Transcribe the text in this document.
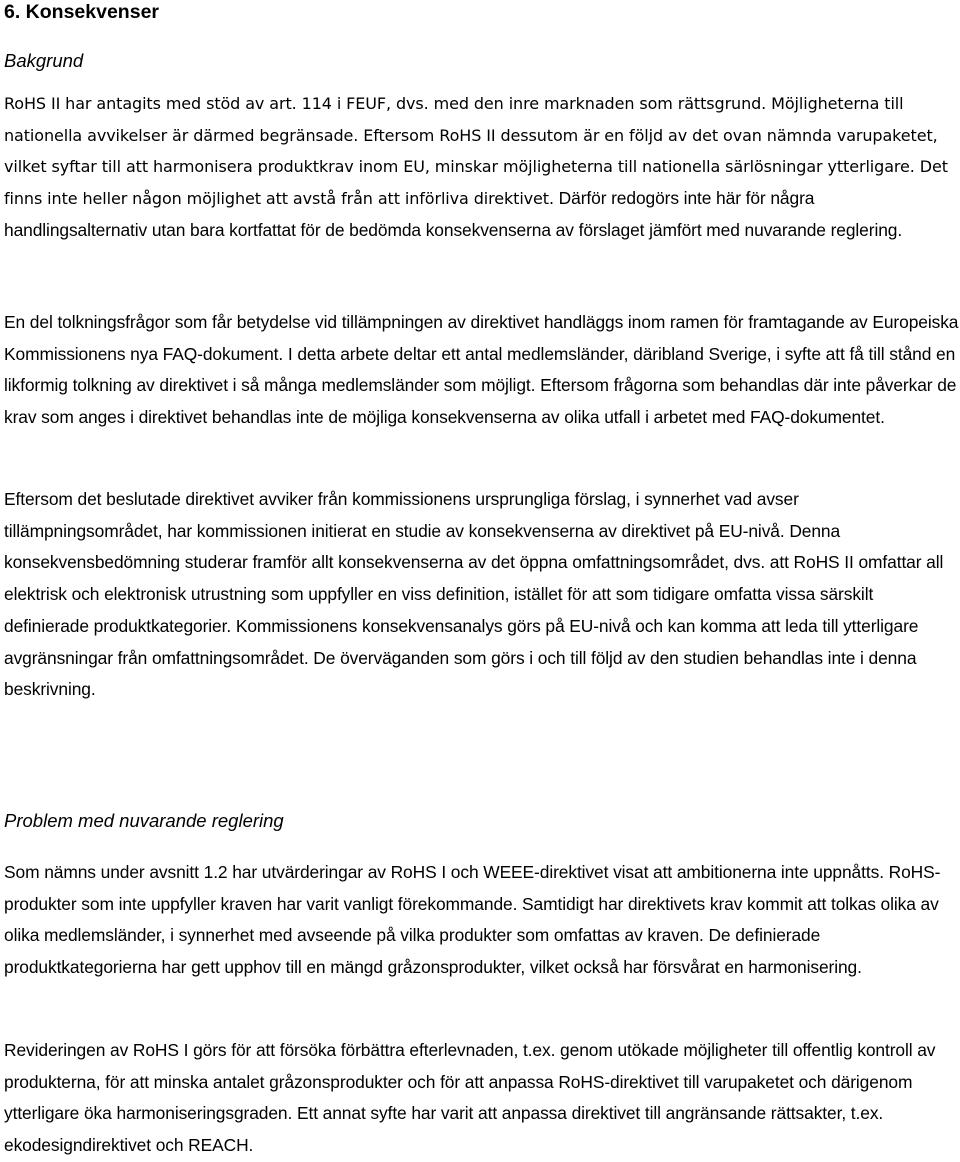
6. Konsekvenser
Bakgrund

RoHS II har antagits med stöd av art. 114 i FEUF, dvs. med den inre marknaden som rättsgrund. Möjligheterna till nationella avvikelser är därmed begränsade. Eftersom RoHS II dessutom är en följd av det ovan nämnda varupaketet, vilket syftar till att harmonisera produktkrav inom EU, minskar möjligheterna till nationella särlösningar ytterligare. Det finns inte heller någon möjlighet att avstå från att införliva direktivet. Därför redogörs inte här för några handlingsalternativ utan bara kortfattat för de bedömda konsekvenserna av förslaget jämfört med nuvarande reglering.

En del tolkningsfrågor som får betydelse vid tillämpningen av direktivet handläggs inom ramen för framtagande av Europeiska Kommissionens nya FAQ-dokument. I detta arbete deltar ett antal medlemsländer, däribland Sverige, i syfte att få till stånd en likformig tolkning av direktivet i så många medlemsländer som möjligt. Eftersom frågorna som behandlas där inte påverkar de krav som anges i direktivet behandlas inte de möjliga konsekvenserna av olika utfall i arbetet med FAQ-dokumentet.

Eftersom det beslutade direktivet avviker från kommissionens ursprungliga förslag, i synnerhet vad avser tillämpningsområdet, har kommissionen initierat en studie av konsekvenserna av direktivet på EU-nivå. Denna konsekvensbedömning studerar framför allt konsekvenserna av det öppna omfattningsområdet, dvs. att RoHS II omfattar all elektrisk och elektronisk utrustning som uppfyller en viss definition, istället för att som tidigare omfatta vissa särskilt definierade produktkategorier. Kommissionens konsekvensanalys görs på EU-nivå och kan komma att leda till ytterligare avgränsningar från omfattningsområdet. De överväganden som görs i och till följd av den studien behandlas inte i denna beskrivning.

Problem med nuvarande reglering

Som nämns under avsnitt 1.2 har utvärderingar av RoHS I och WEEE-direktivet visat att ambitionerna inte uppnåtts. RoHS-produkter som inte uppfyller kraven har varit vanligt förekommande. Samtidigt har direktivets krav kommit att tolkas olika av olika medlemsländer, i synnerhet med avseende på vilka produkter som omfattas av kraven. De definierade produktkategorierna har gett upphov till en mängd gråzonsprodukter, vilket också har försvårat en harmonisering.

Revideringen av RoHS I görs för att försöka förbättra efterlevnaden, t.ex. genom utökade möjligheter till offentlig kontroll av produkterna, för att minska antalet gråzonsprodukter och för att anpassa RoHS-direktivet till varupaketet och därigenom ytterligare öka harmoniseringsgraden. Ett annat syfte har varit att anpassa direktivet till angränsande rättsakter, t.ex. ekodesigndirektivet och REACH.
